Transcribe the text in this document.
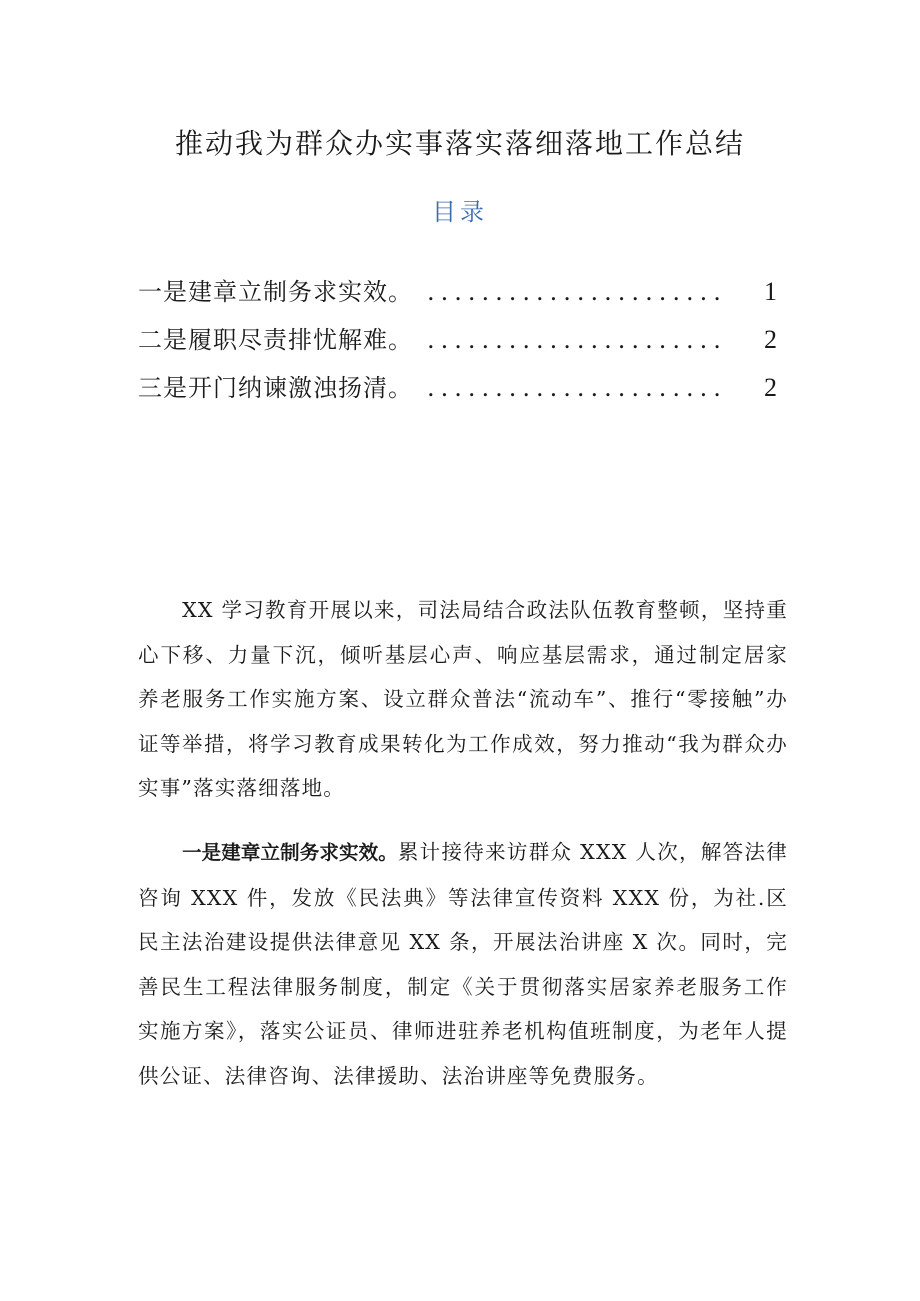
推动我为群众办实事落实落细落地工作总结
目录
一是建章立制务求实效。 ......................	1
二是履职尽责排忧解难。 ......................	2
三是开门纳谏激浊扬清。 ......................	2

XX 学习教育开展以来，司法局结合政法队伍教育整顿，坚持重心下移、力量下沉，倾听基层心声、响应基层需求，通过制定居家养老服务工作实施方案、设立群众普法“流动车”、推行“零接触”办证等举措，将学习教育成果转化为工作成效，努力推动“我为群众办实事”落实落细落地。

一是建章立制务求实效。累计接待来访群众 XXX 人次，解答法律咨询 XXX 件，发放《民法典》等法律宣传资料 XXX 份，为社.区民主法治建设提供法律意见 XX 条，开展法治讲座 X 次。同时，完善民生工程法律服务制度，制定《关于贯彻落实居家养老服务工作实施方案》，落实公证员、律师进驻养老机构值班制度，为老年人提供公证、法律咨询、法律援助、法治讲座等免费服务。
